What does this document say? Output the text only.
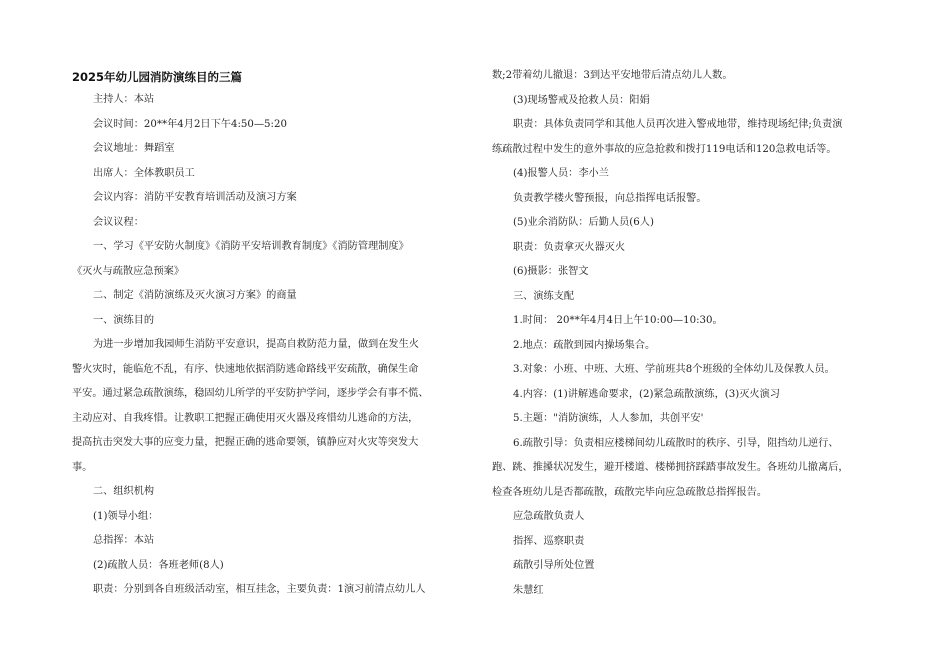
2025年幼儿园消防演练目的三篇
主持人：本站
会议时间：20**年4月2日下午4:50—5:20
会议地址：舞蹈室
出席人：全体教职员工
会议内容：消防平安教育培训活动及演习方案
会议议程：
一、学习《平安防火制度》《消防平安培训教育制度》《消防管理制度》
《灭火与疏散应急预案》
二、制定《消防演练及灭火演习方案》的商量
一、演练目的
为进一步增加我园师生消防平安意识，提高自救防范力量，做到在发生火
警火灾时，能临危不乱，有序、快速地依据消防逃命路线平安疏散，确保生命
平安。通过紧急疏散演练，稳固幼儿所学的平安防护学问，逐步学会有事不慌、
主动应对、自我疼惜。让教职工把握正确使用灭火器及疼惜幼儿逃命的方法，
提高抗击突发大事的应变力量，把握正确的逃命要领，镇静应对火灾等突发大
事。
二、组织机构
(1)领导小组：
总指挥：本站
(2)疏散人员：各班老师(8人)
职责：分别到各自班级活动室，相互挂念，主要负责：1演习前清点幼儿人
数;2带着幼儿撤退：3到达平安地带后清点幼儿人数。
(3)现场警戒及抢救人员：阳娟
职责：具体负责同学和其他人员再次进入警戒地带，维持现场纪律;负责演
练疏散过程中发生的意外事故的应急抢救和拨打119电话和120急救电话等。
(4)报警人员：李小兰
负责教学楼火警预报，向总指挥电话报警。
(5)业余消防队：后勤人员(6人)
职责：负责拿灭火器灭火
(6)摄影：张智文
三、演练支配
1.时间： 20**年4月4日上午10:00—10:30。
2.地点：疏散到园内操场集合。
3.对象：小班、中班、大班、学前班共8个班级的全体幼儿及保教人员。
4.内容：(1)讲解逃命要求，(2)紧急疏散演练，(3)灭火演习
5.主题："消防演练，人人参加，共创平安'
6.疏散引导：负责相应楼梯间幼儿疏散时的秩序、引导，阻挡幼儿逆行、
跑、跳、推搡状况发生，避开楼道、楼梯拥挤踩踏事故发生。各班幼儿撤离后，
检查各班幼儿是否都疏散，疏散完毕向应急疏散总指挥报告。
应急疏散负责人
指挥、巡察职责
疏散引导所处位置
朱慧红
